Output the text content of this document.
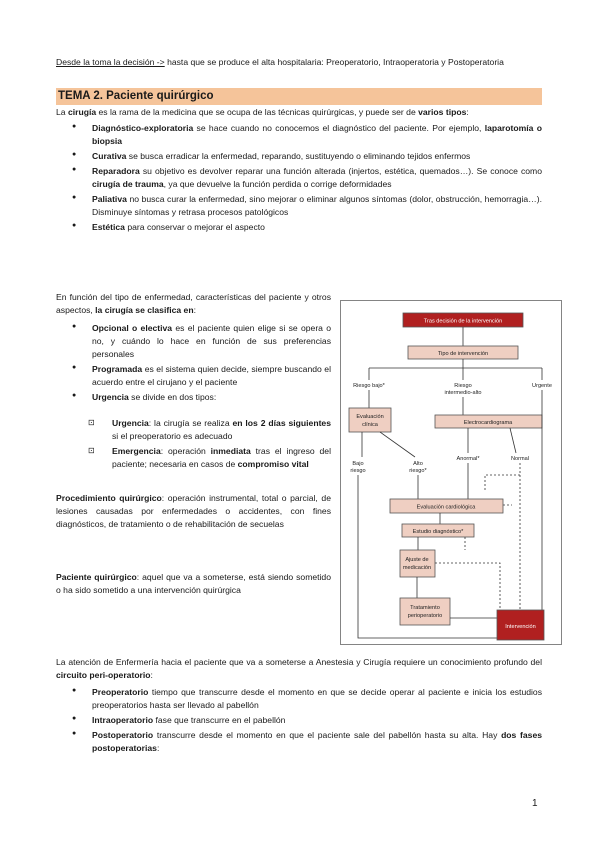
Desde la toma la decisión -> hasta que se produce el alta hospitalaria: Preoperatorio, Intraoperatoria y Postoperatoria
TEMA 2. Paciente quirúrgico
La cirugía es la rama de la medicina que se ocupa de las técnicas quirúrgicas, y puede ser de varios tipos:
● Diagnóstico-exploratoria se hace cuando no conocemos el diagnóstico del paciente. Por ejemplo, laparotomía o biopsia
● Curativa se busca erradicar la enfermedad, reparando, sustituyendo o eliminando tejidos enfermos
● Reparadora su objetivo es devolver reparar una función alterada (injertos, estética, quemados…). Se conoce como cirugía de trauma, ya que devuelve la función perdida o corrige deformidades
● Paliativa no busca curar la enfermedad, sino mejorar o eliminar algunos síntomas (dolor, obstrucción, hemorragia…). Disminuye síntomas y retrasa procesos patológicos
● Estética para conservar o mejorar el aspecto
En función del tipo de enfermedad, características del paciente y otros aspectos, la cirugía se clasifica en:
● Opcional o electiva es el paciente quien elige si se opera o no, y cuándo lo hace en función de sus preferencias personales
● Programada es el sistema quien decide, siempre buscando el acuerdo entre el cirujano y el paciente
● Urgencia se divide en dos tipos:
⊡ Urgencia: la cirugía se realiza en los 2 días siguientes si el preoperatorio es adecuado
⊡ Emergencia: operación inmediata tras el ingreso del paciente; necesaria en casos de compromiso vital
Procedimiento quirúrgico: operación instrumental, total o parcial, de lesiones causadas por enfermedades o accidentes, con fines diagnósticos, de tratamiento o de rehabilitación de secuelas
Paciente quirúrgico: aquel que va a someterse, está siendo sometido o ha sido sometido a una intervención quirúrgica
Tras decisión de la intervención
Tipo de intervención
Riesgo bajo*	Riesgo
intermedio-alto
Urgente
Evaluación
clínica	Electrocardiograma
Bajo
riesgo
Alto
riesgo*
Anormal*	Normal
Evaluación cardiológica
Estudio diagnóstico*
Ajuste de
medicación
Tratamiento
perioperatorio
Intervención
La atención de Enfermería hacia el paciente que va a someterse a Anestesia y Cirugía requiere un conocimiento profundo del circuito peri-operatorio:
● Preoperatorio tiempo que transcurre desde el momento en que se decide operar al paciente e inicia los estudios preoperatorios hasta ser llevado al pabellón
● Intraoperatorio fase que transcurre en el pabellón
● Postoperatorio transcurre desde el momento en que el paciente sale del pabellón hasta su alta. Hay dos fases postoperatorias:
1
